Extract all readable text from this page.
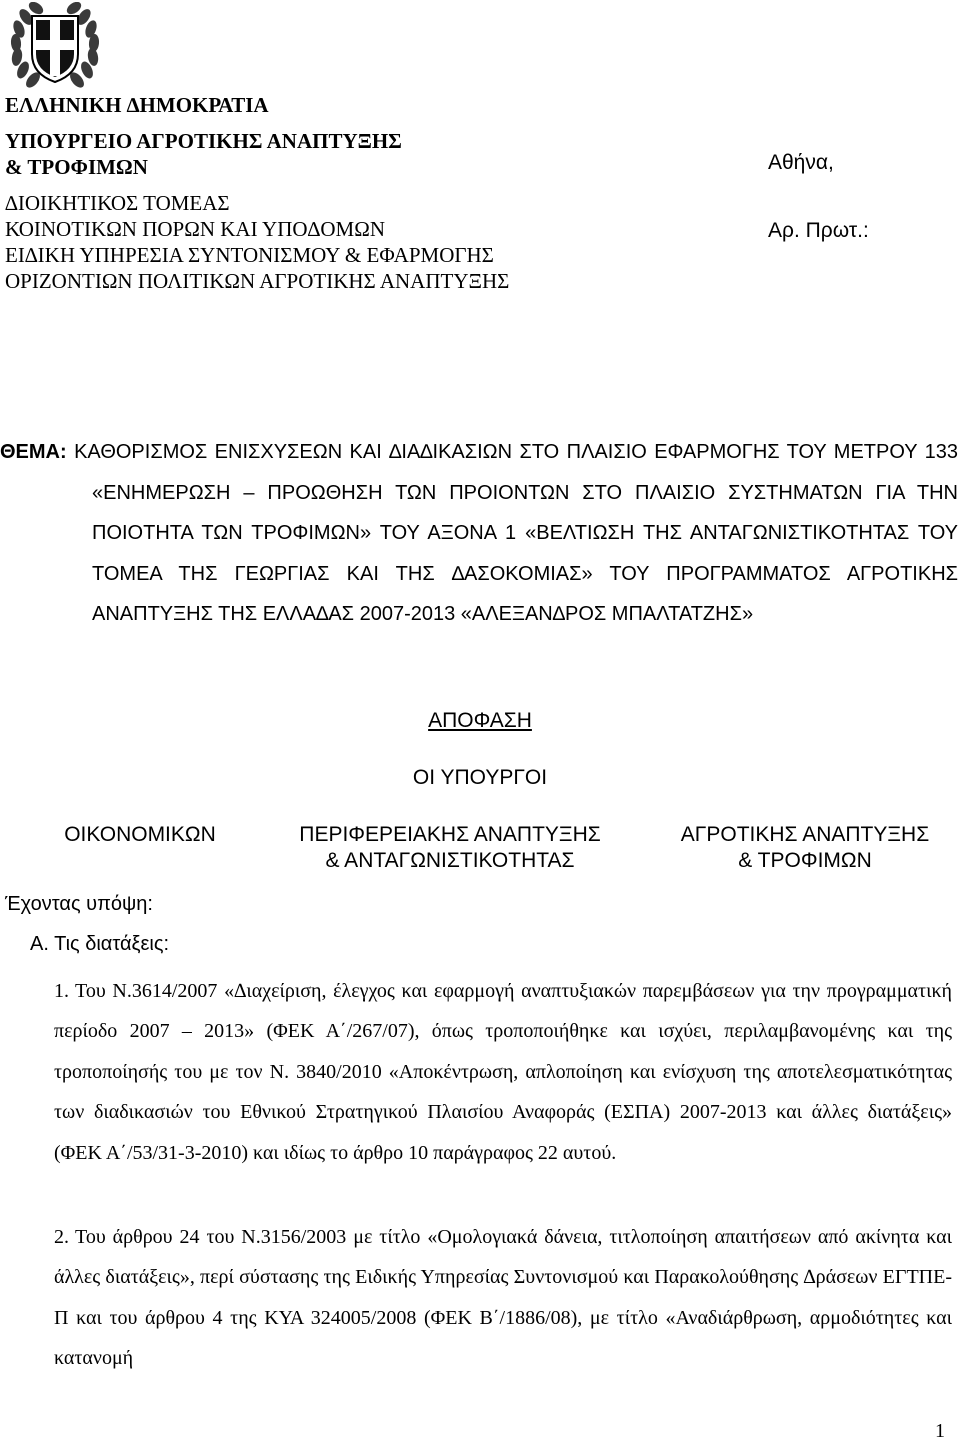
ΕΛΛΗΝΙΚΗ ∆ΗΜΟΚΡΑΤΙΑ
ΥΠΟΥΡΓΕΙΟ ΑΓΡΟΤΙΚΗΣ ΑΝΑΠΤΥΞΗΣ
& ΤΡΟΦΙΜΩΝ
∆ΙΟΙΚΗΤΙΚΟΣ ΤΟΜΕΑΣ
ΚΟΙΝΟΤΙΚΩΝ ΠΟΡΩΝ ΚΑΙ ΥΠΟ∆ΟΜΩΝ
ΕΙ∆ΙΚΗ ΥΠΗΡΕΣΙΑ ΣΥΝΤΟΝΙΣΜΟΥ & ΕΦΑΡΜΟΓΗΣ
ΟΡΙΖΟΝΤΙΩΝ ΠΟΛΙΤΙΚΩΝ ΑΓΡΟΤΙΚΗΣ ΑΝΑΠΤΥΞΗΣ
Αθήνα,
Αρ. Πρωτ.:
ΘΕΜΑ: ΚΑΘΟΡΙΣΜΟΣ ΕΝΙΣΧΥΣΕΩΝ ΚΑΙ ∆ΙΑ∆ΙΚΑΣΙΩΝ ΣΤΟ ΠΛΑΙΣΙΟ ΕΦΑΡΜΟΓΗΣ ΤΟΥ ΜΕΤΡΟΥ 133 «ΕΝΗΜΕΡΩΣΗ – ΠΡΟΩΘΗΣΗ ΤΩΝ ΠΡΟΙΟΝΤΩΝ ΣΤΟ ΠΛΑΙΣΙΟ ΣΥΣΤΗΜΑΤΩΝ ΓΙΑ ΤΗΝ ΠΟΙΟΤΗΤΑ ΤΩΝ ΤΡΟΦΙΜΩΝ» ΤΟΥ ΑΞΟΝΑ 1 «ΒΕΛΤΙΩΣΗ ΤΗΣ ΑΝΤΑΓΩΝΙΣΤΙΚΟΤΗΤΑΣ ΤΟΥ ΤΟΜΕΑ ΤΗΣ ΓΕΩΡΓΙΑΣ ΚΑΙ ΤΗΣ ∆ΑΣΟΚΟΜΙΑΣ» ΤΟΥ ΠΡΟΓΡΑΜΜΑΤΟΣ ΑΓΡΟΤΙΚΗΣ ΑΝΑΠΤΥΞΗΣ ΤΗΣ ΕΛΛΑ∆ΑΣ 2007-2013 «ΑΛΕΞΑΝ∆ΡΟΣ ΜΠΑΛΤΑΤΖΗΣ»
ΑΠΟΦΑΣΗ
ΟΙ ΥΠΟΥΡΓΟΙ
ΟΙΚΟΝΟΜΙΚΩΝ	ΠΕΡΙΦΕΡΕΙΑΚΗΣ ΑΝΑΠΤΥΞΗΣ
& ΑΝΤΑΓΩΝΙΣΤΙΚΟΤΗΤΑΣ
ΑΓΡΟΤΙΚΗΣ ΑΝΑΠΤΥΞΗΣ
& ΤΡΟΦΙΜΩΝ
Έχοντας υπόψη:
Α. Τις διατάξεις:
1. Του Ν.3614/2007 «∆ιαχείριση, έλεγχος και εφαρμογή αναπτυξιακών παρεμβάσεων για την προγραμματική περίοδο 2007 – 2013» (ΦΕΚ Α΄/267/07), όπως τροποποιήθηκε και ισχύει, περιλαμβανομένης και της τροποποίησής του με τον Ν. 3840/2010 «Αποκέντρωση, απλοποίηση και ενίσχυση της αποτελεσματικότητας των διαδικασιών του Εθνικού Στρατηγικού Πλαισίου Αναφοράς (ΕΣΠΑ) 2007-2013 και άλλες διατάξεις» (ΦΕΚ Α΄/53/31-3-2010) και ιδίως το άρθρο 10 παράγραφος 22 αυτού.
2. Του άρθρου 24 του Ν.3156/2003 με τίτλο «Ομολογιακά δάνεια, τιτλοποίηση απαιτήσεων από ακίνητα και άλλες διατάξεις», περί σύστασης της Ειδικής Υπηρεσίας Συντονισμού και Παρακολούθησης ∆ράσεων ΕΓΤΠΕ-Π και του άρθρου 4 της ΚΥΑ 324005/2008 (ΦΕΚ Β΄/1886/08), με τίτλο «Αναδιάρθρωση, αρμοδιότητες και κατανομή
1
